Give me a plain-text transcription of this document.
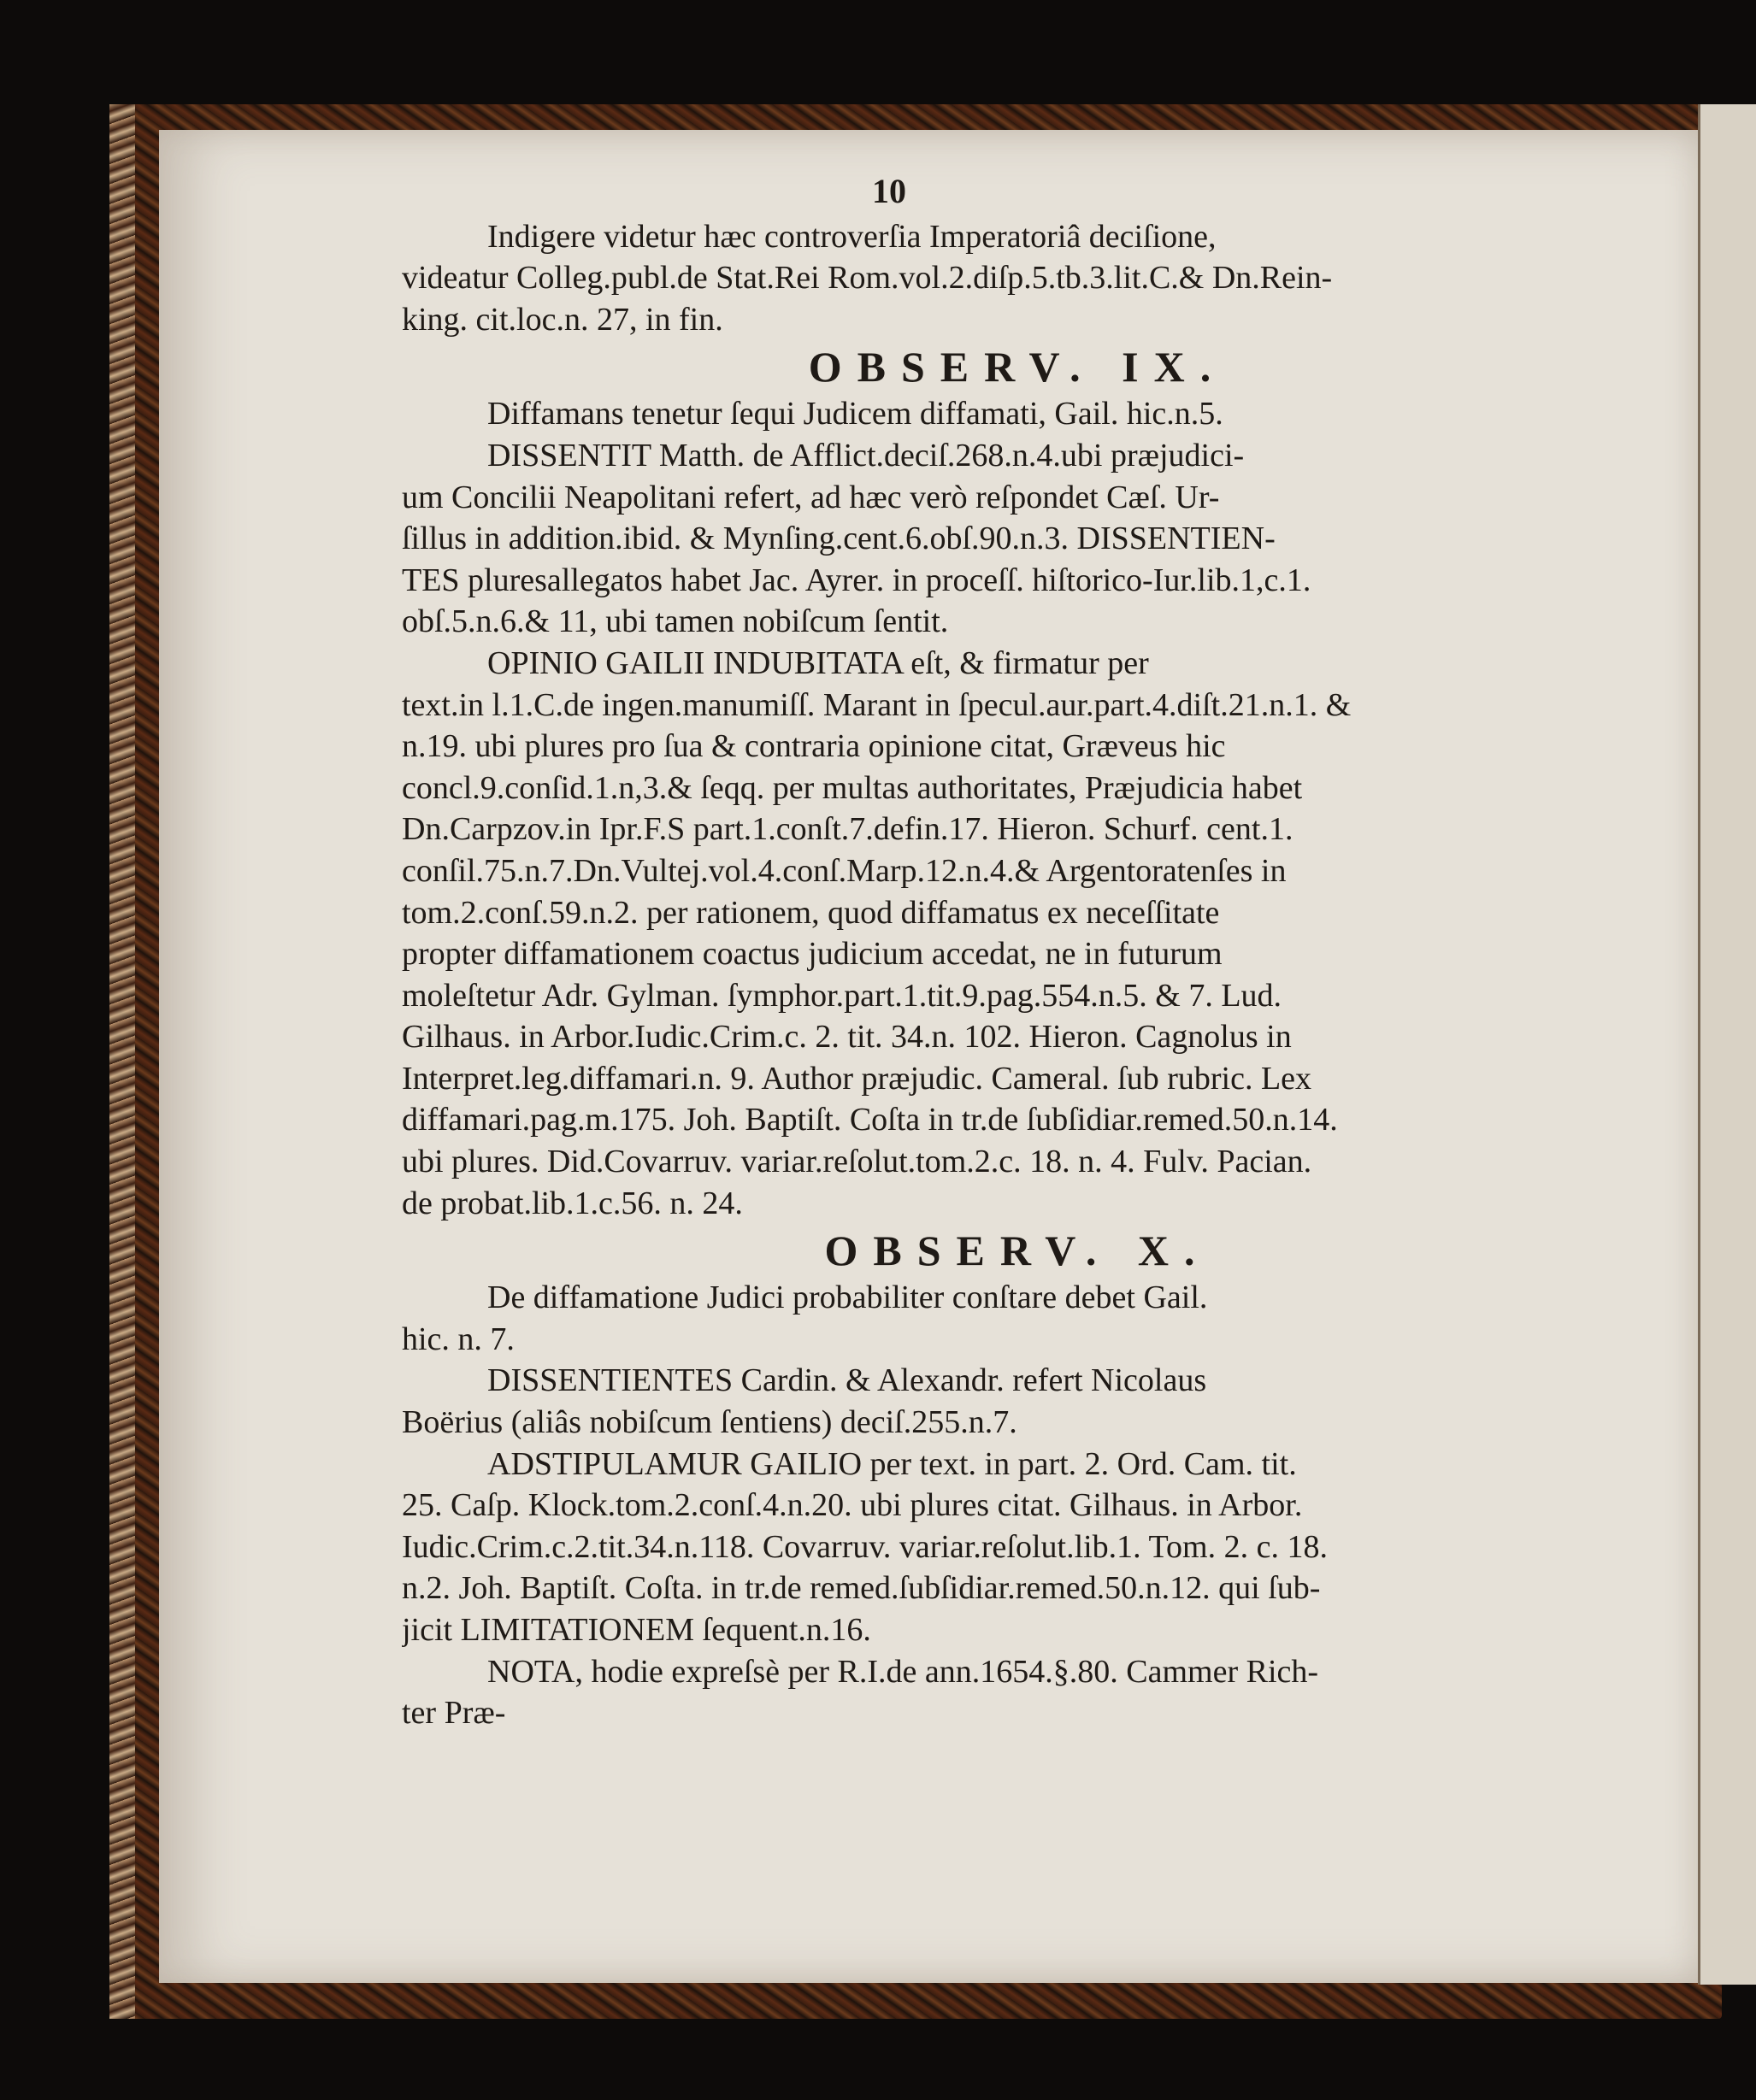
10
Indigere videtur hæc controverſia Imperatoriâ deciſione,
videatur Colleg.publ.de Stat.Rei Rom.vol.2.diſp.5.tb.3.lit.C.& Dn.Rein-
king. cit.loc.n. 27, in fin.
OBSERV. IX.
Diffamans tenetur ſequi Judicem diffamati, Gail. hic.n.5.
DISSENTIT Matth. de Afflict.deciſ.268.n.4.ubi præjudici-
um Concilii Neapolitani refert, ad hæc verò reſpondet Cæſ. Ur-
ſillus in addition.ibid. & Mynſing.cent.6.obſ.90.n.3. DISSENTIEN-
TES pluresallegatos habet Jac. Ayrer. in proceſſ. hiſtorico-Iur.lib.1,c.1.
obſ.5.n.6.& 11, ubi tamen nobiſcum ſentit.
OPINIO GAILII INDUBITATA eſt, & firmatur per
text.in l.1.C.de ingen.manumiſſ. Marant in ſpecul.aur.part.4.diſt.21.n.1. &
n.19. ubi plures pro ſua & contraria opinione citat, Græveus hic
concl.9.conſid.1.n,3.& ſeqq. per multas authoritates, Præjudicia habet
Dn.Carpzov.in Ipr.F.S part.1.conſt.7.defin.17. Hieron. Schurf. cent.1.
conſil.75.n.7.Dn.Vultej.vol.4.conſ.Marp.12.n.4.& Argentoratenſes in
tom.2.conſ.59.n.2. per rationem, quod diffamatus ex neceſſitate
propter diffamationem coactus judicium accedat, ne in futurum
moleſtetur Adr. Gylman. ſymphor.part.1.tit.9.pag.554.n.5. & 7. Lud.
Gilhaus. in Arbor.Iudic.Crim.c. 2. tit. 34.n. 102. Hieron. Cagnolus in
Interpret.leg.diffamari.n. 9. Author præjudic. Cameral. ſub rubric. Lex
diffamari.pag.m.175. Joh. Baptiſt. Coſta in tr.de ſubſidiar.remed.50.n.14.
ubi plures. Did.Covarruv. variar.reſolut.tom.2.c. 18. n. 4. Fulv. Pacian.
de probat.lib.1.c.56. n. 24.
OBSERV. X.
De diffamatione Judici probabiliter conſtare debet Gail.
hic. n. 7.
DISSENTIENTES Cardin. & Alexandr. refert Nicolaus
Boërius (aliâs nobiſcum ſentiens) deciſ.255.n.7.
ADSTIPULAMUR GAILIO per text. in part. 2. Ord. Cam. tit.
25. Caſp. Klock.tom.2.conſ.4.n.20. ubi plures citat. Gilhaus. in Arbor.
Iudic.Crim.c.2.tit.34.n.118. Covarruv. variar.reſolut.lib.1. Tom. 2. c. 18.
n.2. Joh. Baptiſt. Coſta. in tr.de remed.ſubſidiar.remed.50.n.12. qui ſub-
jicit LIMITATIONEM ſequent.n.16.
NOTA, hodie expreſsè per R.I.de ann.1654.§.80. Cammer Rich-
ter Præ-
